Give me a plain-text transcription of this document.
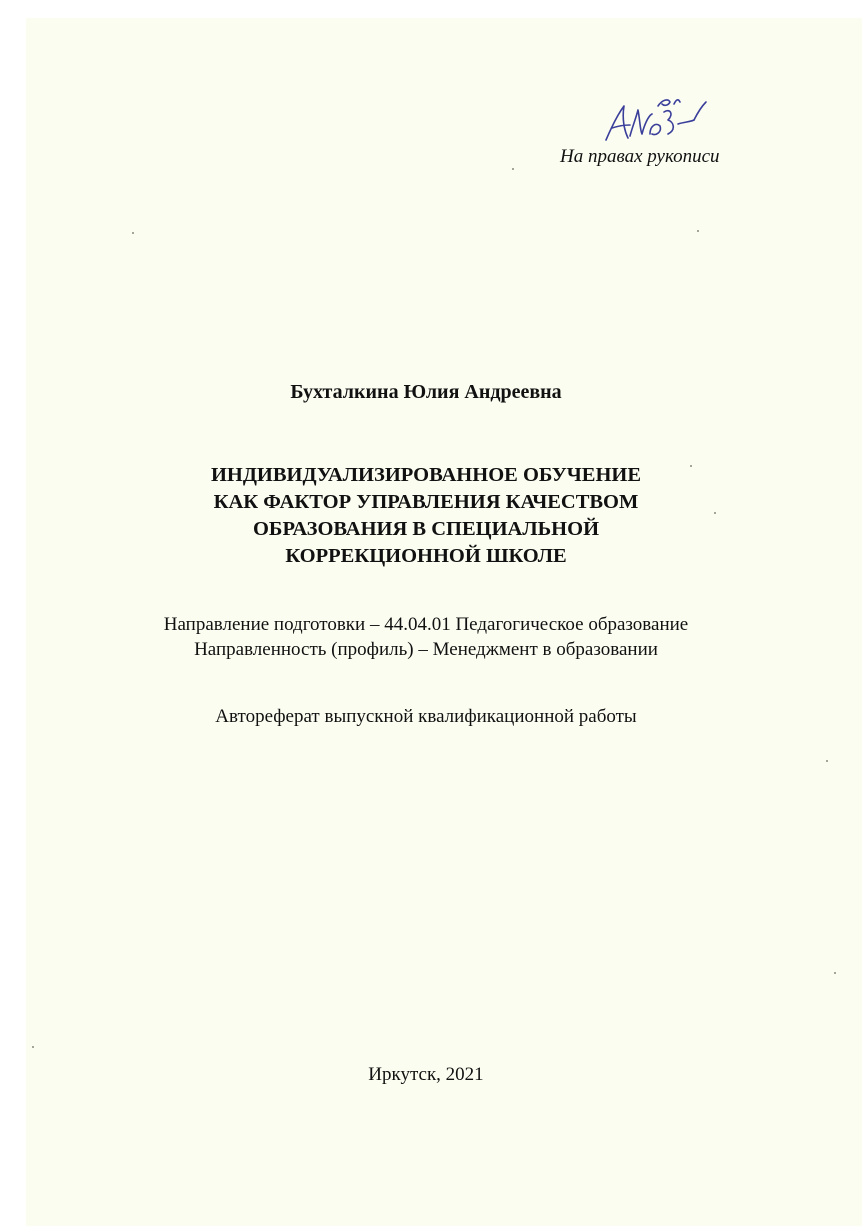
На правах рукописи
Бухталкина Юлия Андреевна
ИНДИВИДУАЛИЗИРОВАННОЕ ОБУЧЕНИЕ
КАК ФАКТОР УПРАВЛЕНИЯ КАЧЕСТВОМ
ОБРАЗОВАНИЯ В СПЕЦИАЛЬНОЙ
КОРРЕКЦИОННОЙ ШКОЛЕ
Направление подготовки – 44.04.01 Педагогическое образование
Направленность (профиль) – Менеджмент в образовании
Автореферат выпускной квалификационной работы
Иркутск, 2021
